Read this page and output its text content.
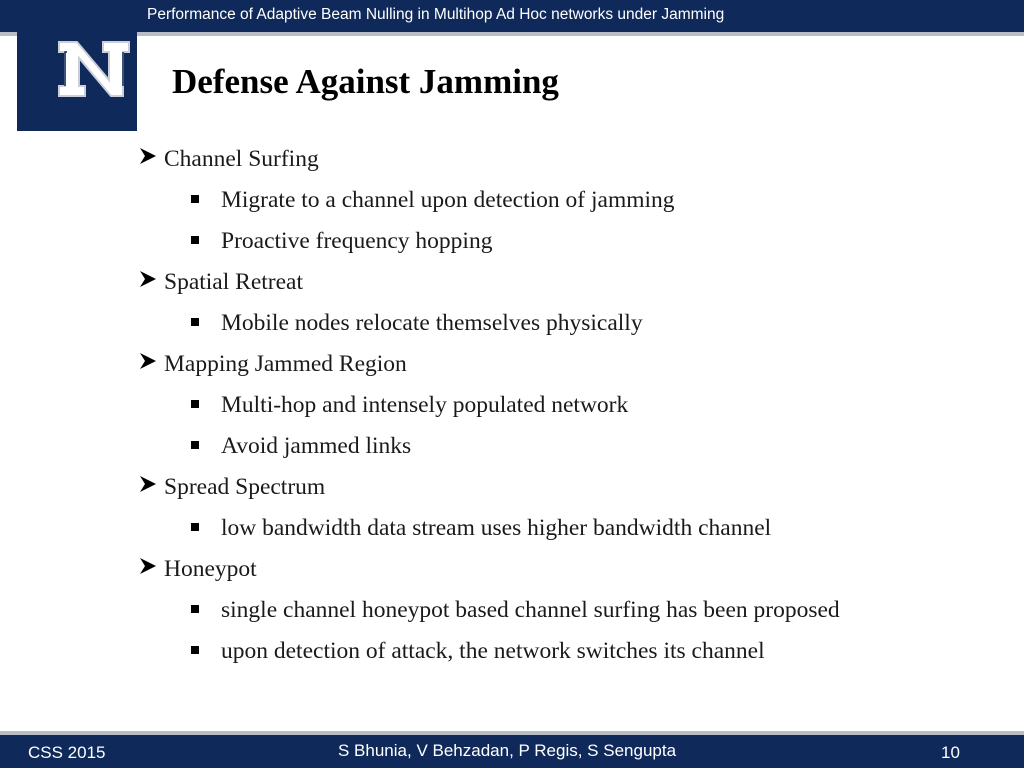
Performance of Adaptive Beam Nulling in Multihop Ad Hoc networks under Jamming
Defense Against Jamming
Channel Surfing
Migrate to a channel upon detection of jamming
Proactive frequency hopping
Spatial Retreat
Mobile nodes relocate themselves physically
Mapping Jammed Region
Multi-hop and intensely populated network
Avoid jammed links
Spread Spectrum
low bandwidth data stream uses higher bandwidth channel
Honeypot
single channel honeypot based channel surfing has been proposed
upon detection of attack, the network switches its channel
CSS 2015	S Bhunia, V Behzadan, P Regis, S Sengupta	10
